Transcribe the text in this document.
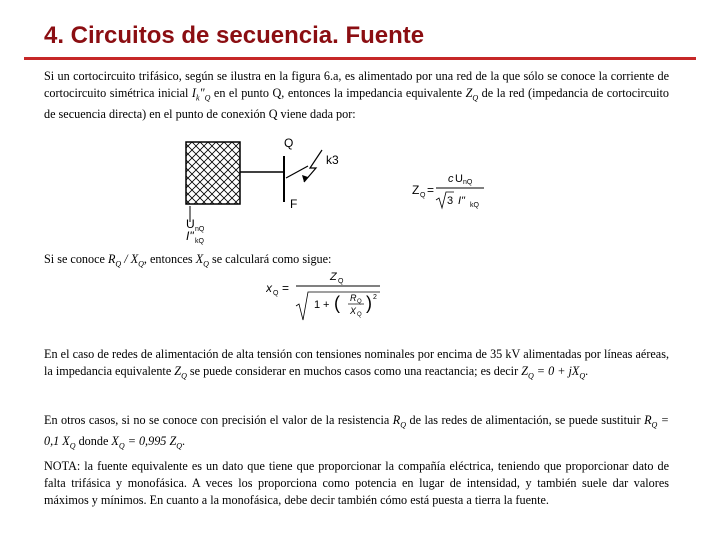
4. Circuitos de secuencia. Fuente
Si un cortocircuito trifásico, según se ilustra en la figura 6.a, es alimentado por una red de la que sólo se conoce la corriente de cortocircuito simétrica inicial $I_k"_Q$ en el punto Q, entonces la impedancia equivalente $Z_Q$ de la red (impedancia de cortocircuito de secuencia directa) en el punto de conexión Q viene dada por:
Q
k3
F
U nQ
I" kQ
Z Q =
c U nQ
3 I" kQ
Si se conoce $R_Q / X_Q$, entonces $X_Q$ se calculará como sigue:
x Q =
Z Q
1 + ( R Q
X Q
) 2
En el caso de redes de alimentación de alta tensión con tensiones nominales por encima de 35 kV alimentadas por líneas aéreas, la impedancia equivalente $Z_Q$ se puede considerar en muchos casos como una reactancia; es decir $Z_Q = 0 + jX_Q$.
En otros casos, si no se conoce con precisión el valor de la resistencia $R_Q$ de las redes de alimentación, se puede sustituir $R_Q = 0,1$ $X_Q$ donde $X_Q = 0,995$ $Z_Q$.
NOTA: la fuente equivalente es un dato que tiene que proporcionar la compañía eléctrica, teniendo que proporcionar dato de falta trifásica y monofásica. A veces los proporciona como potencia en lugar de intensidad, y también suele dar valores máximos y mínimos. En cuanto a la monofásica, debe decir también cómo está puesta a tierra la fuente.
